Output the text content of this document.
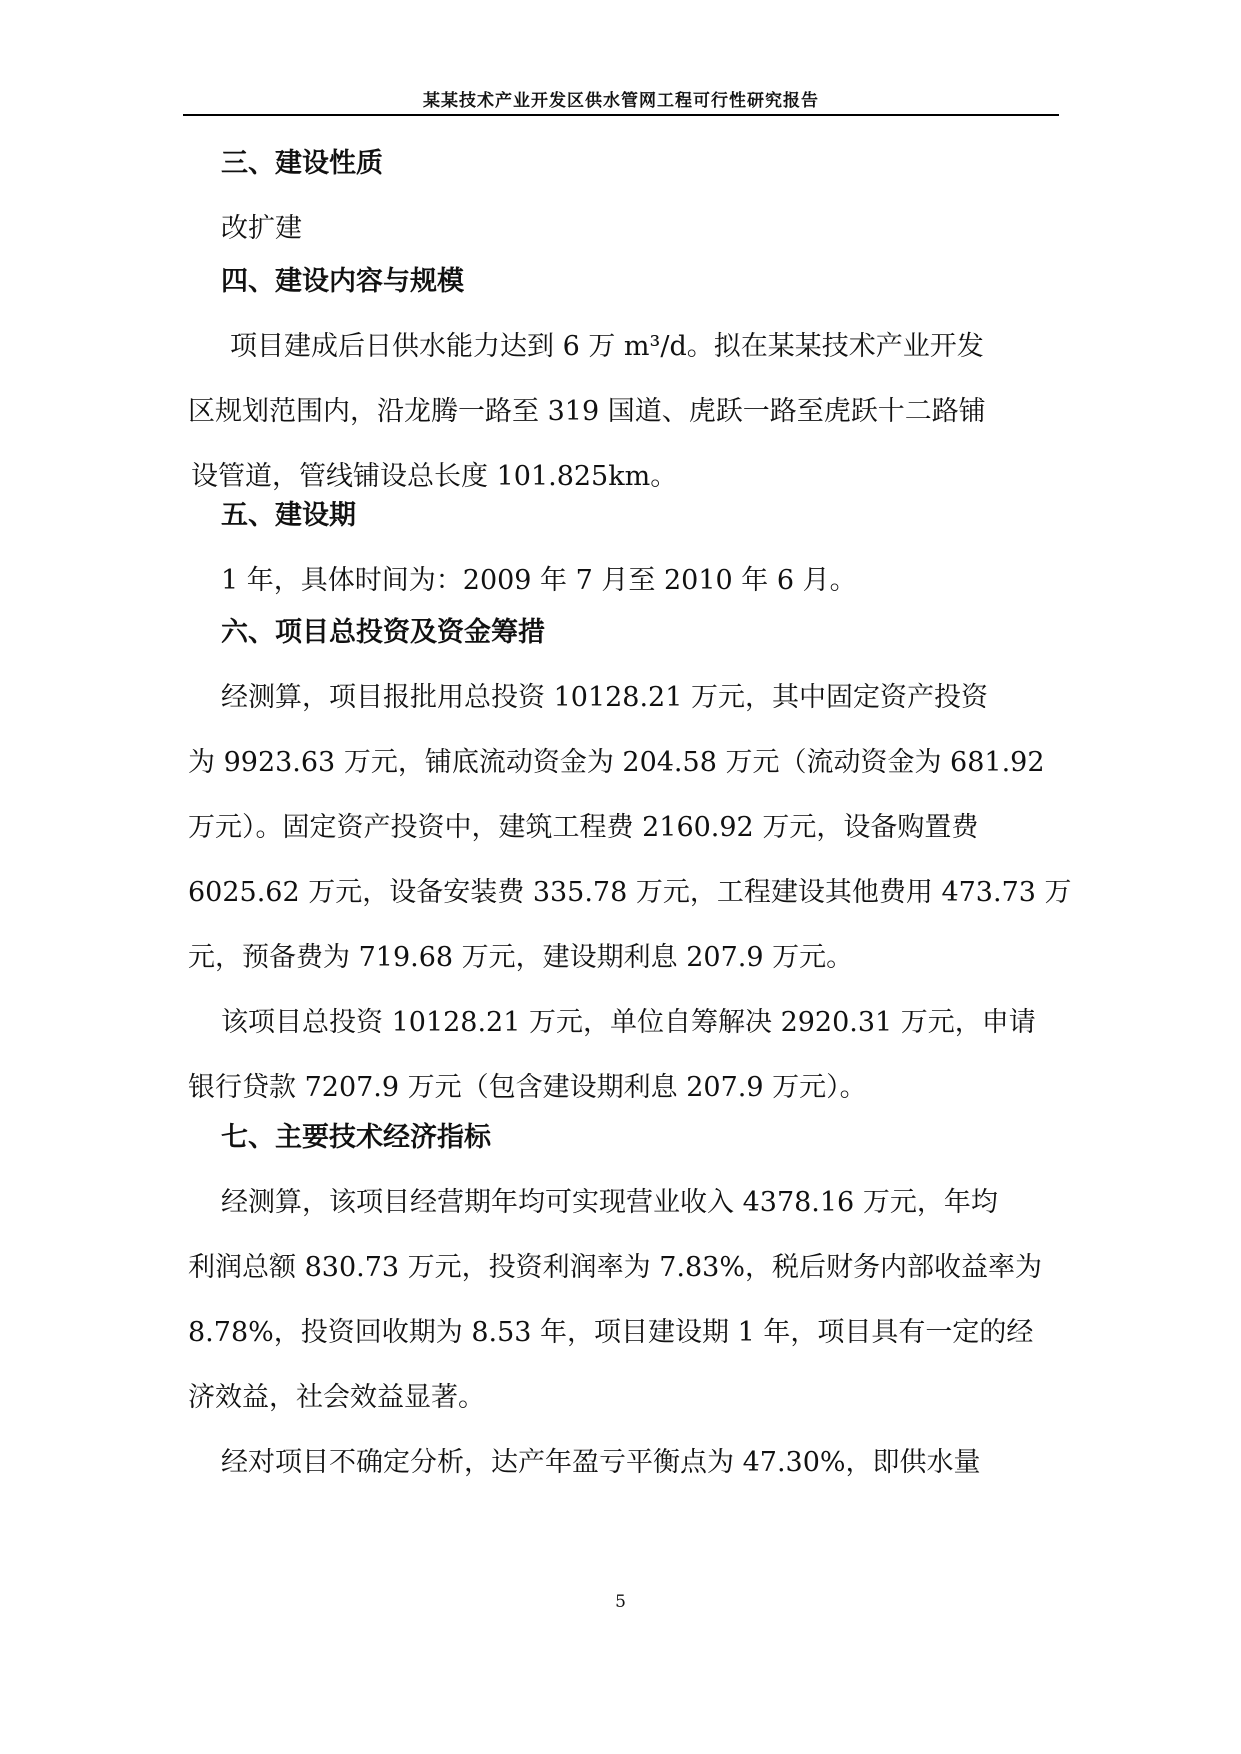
某某技术产业开发区供水管网工程可行性研究报告
三、建设性质
改扩建
四、建设内容与规模
项目建成后日供水能力达到 6 万 m³/d。拟在某某技术产业开发
区规划范围内，沿龙腾一路至 319 国道、虎跃一路至虎跃十二路铺
设管道，管线铺设总长度 101.825km。
五、建设期
1 年，具体时间为：2009 年 7 月至 2010 年 6 月。
六、项目总投资及资金筹措
经测算，项目报批用总投资 10128.21 万元，其中固定资产投资
为 9923.63 万元，铺底流动资金为 204.58 万元（流动资金为 681.92
万元）。固定资产投资中，建筑工程费 2160.92 万元，设备购置费
6025.62 万元，设备安装费 335.78 万元，工程建设其他费用 473.73 万
元，预备费为 719.68 万元，建设期利息 207.9 万元。
该项目总投资 10128.21 万元，单位自筹解决 2920.31 万元，申请
银行贷款 7207.9 万元（包含建设期利息 207.9 万元）。
七、主要技术经济指标
经测算，该项目经营期年均可实现营业收入 4378.16 万元，年均
利润总额 830.73 万元，投资利润率为 7.83%，税后财务内部收益率为
8.78%，投资回收期为 8.53 年，项目建设期 1 年，项目具有一定的经
济效益，社会效益显著。
经对项目不确定分析，达产年盈亏平衡点为 47.30%，即供水量
5
